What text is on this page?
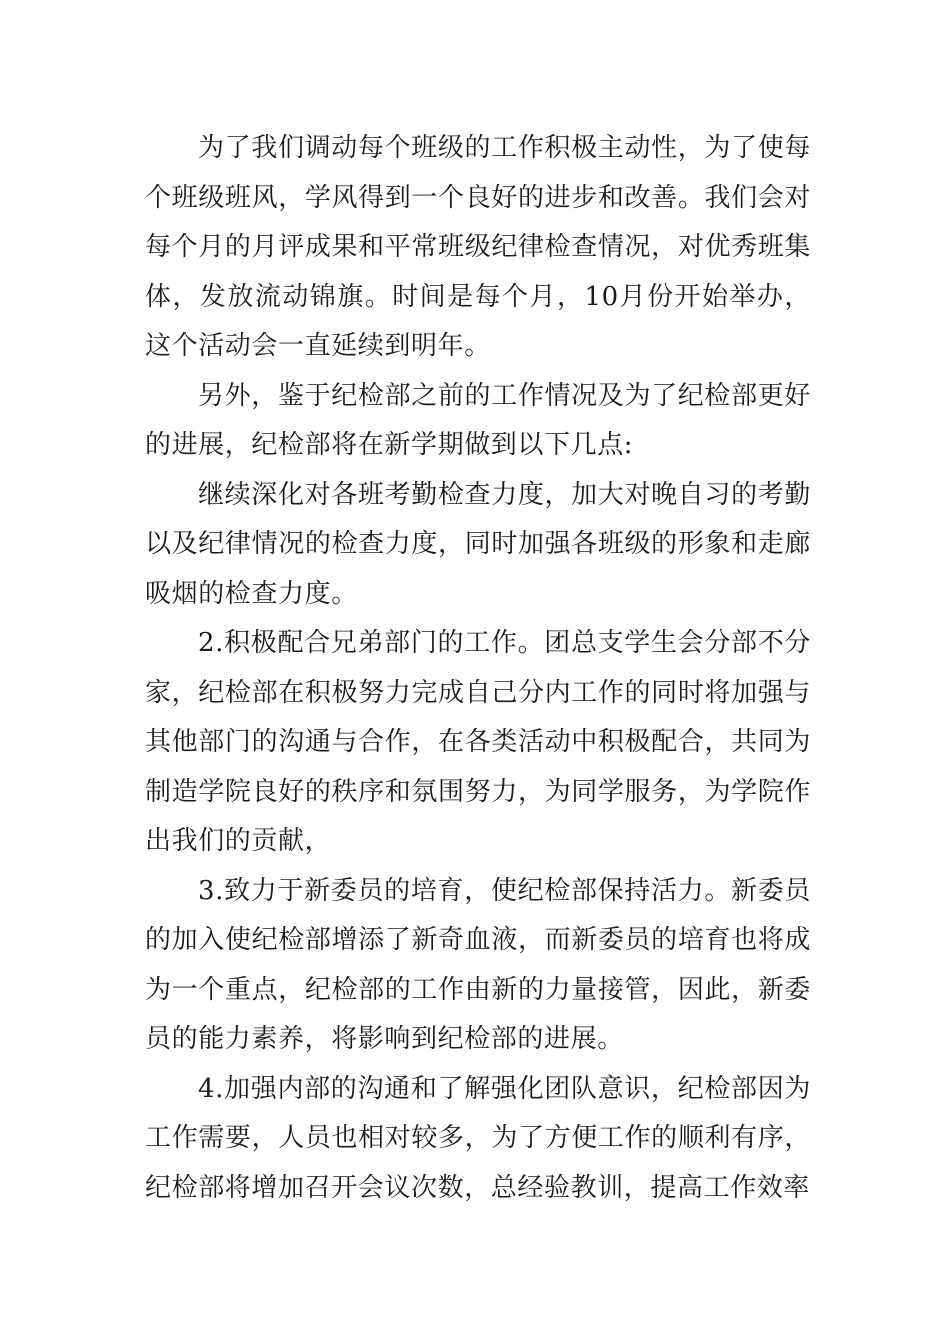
为了我们调动每个班级的工作积极主动性，为了使每个班级班风，学风得到一个良好的进步和改善。我们会对每个月的月评成果和平常班级纪律检查情况，对优秀班集体，发放流动锦旗。时间是每个月，10月份开始举办，这个活动会一直延续到明年。

另外，鉴于纪检部之前的工作情况及为了纪检部更好的进展，纪检部将在新学期做到以下几点:

继续深化对各班考勤检查力度，加大对晚自习的考勤以及纪律情况的检查力度，同时加强各班级的形象和走廊吸烟的检查力度。

2.积极配合兄弟部门的工作。团总支学生会分部不分家，纪检部在积极努力完成自己分内工作的同时将加强与其他部门的沟通与合作，在各类活动中积极配合，共同为制造学院良好的秩序和氛围努力，为同学服务，为学院作出我们的贡献，

3.致力于新委员的培育，使纪检部保持活力。新委员的加入使纪检部增添了新奇血液，而新委员的培育也将成为一个重点，纪检部的工作由新的力量接管，因此，新委员的能力素养，将影响到纪检部的进展。

4.加强内部的沟通和了解强化团队意识，纪检部因为工作需要，人员也相对较多，为了方便工作的顺利有序，纪检部将增加召开会议次数，总经验教训，提高工作效率
